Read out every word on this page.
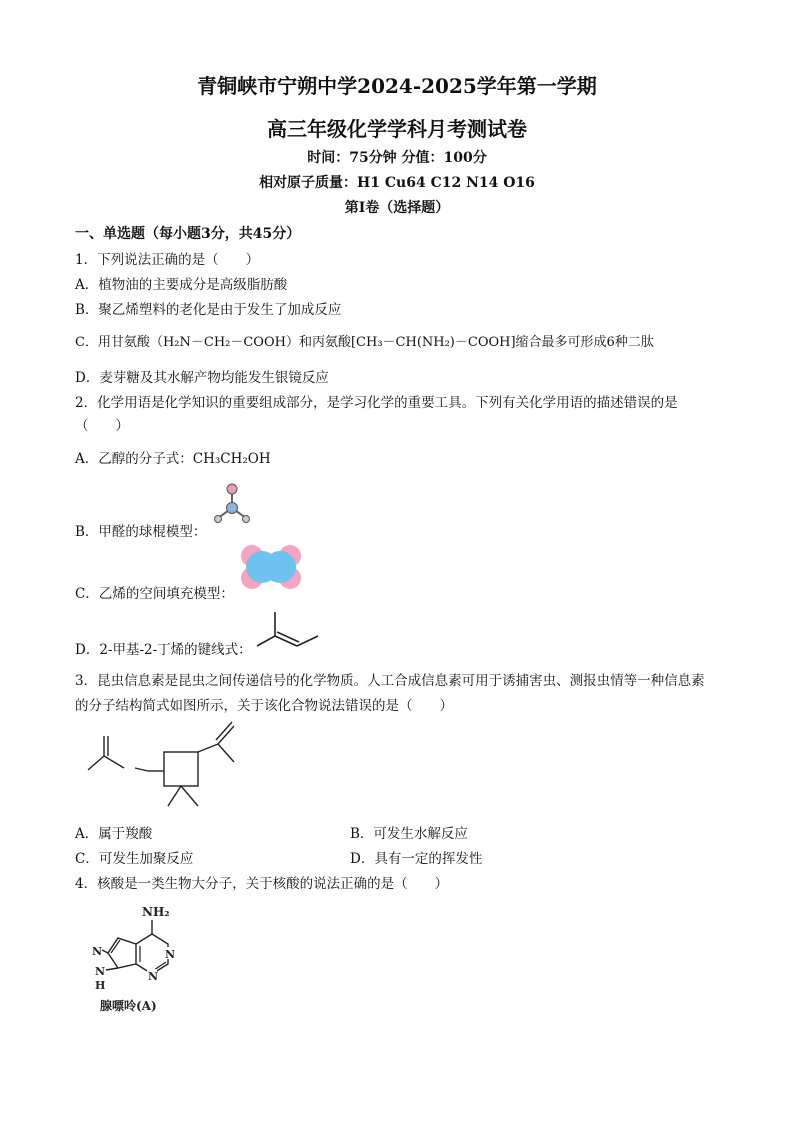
青铜峡市宁朔中学2024-2025学年第一学期
高三年级化学学科月考测试卷
时间：75分钟 分值：100分
相对原子质量：H1 Cu64 C12 N14 O16
第Ⅰ卷（选择题）
一、单选题（每小题3分，共45分）
1．下列说法正确的是（　　）
A．植物油的主要成分是高级脂肪酸
B．聚乙烯塑料的老化是由于发生了加成反应
C．用甘氨酸（H₂N－CH₂－COOH）和丙氨酸[CH₃－CH(NH₂)－COOH]缩合最多可形成6种二肽
D．麦芽糖及其水解产物均能发生银镜反应
2．化学用语是化学知识的重要组成部分，是学习化学的重要工具。下列有关化学用语的描述错误的是
（　　）
A．乙醇的分子式：CH₃CH₂OH
B．甲醛的球棍模型：
C．乙烯的空间填充模型：
D．2-甲基-2-丁烯的键线式：
3．昆虫信息素是昆虫之间传递信号的化学物质。人工合成信息素可用于诱捕害虫、测报虫情等一种信息素
的分子结构简式如图所示，关于该化合物说法错误的是（　　）
A．属于羧酸	B．可发生水解反应
C．可发生加聚反应	D．具有一定的挥发性
4．核酸是一类生物大分子，关于核酸的说法正确的是（　　）
NH₂
N
N
N
N
H
腺嘌呤(A)
